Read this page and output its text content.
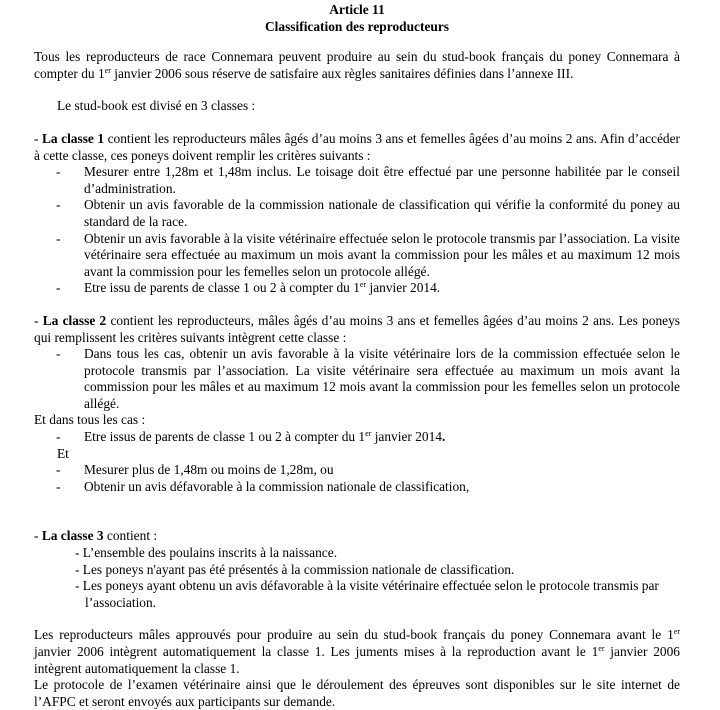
Article 11
Classification des reproducteurs

Tous les reproducteurs de race Connemara peuvent produire au sein du stud-book français du poney Connemara à compter du 1er janvier 2006 sous réserve de satisfaire aux règles sanitaires définies dans l’annexe III.

Le stud-book est divisé en 3 classes :

- La classe 1 contient les reproducteurs mâles âgés d’au moins 3 ans et femelles âgées d’au moins 2 ans. Afin d’accéder à cette classe, ces poneys doivent remplir les critères suivants :

- Mesurer entre 1,28m et 1,48m inclus. Le toisage doit être effectué par une personne habilitée par le conseil d’administration.
- Obtenir un avis favorable de la commission nationale de classification qui vérifie la conformité du poney au standard de la race.
- Obtenir un avis favorable à la visite vétérinaire effectuée selon le protocole transmis par l’association. La visite vétérinaire sera effectuée au maximum un mois avant la commission pour les mâles et au maximum 12 mois avant la commission pour les femelles selon un protocole allégé.
- Etre issu de parents de classe 1 ou 2 à compter du 1er janvier 2014.

- La classe 2 contient les reproducteurs, mâles âgés d’au moins 3 ans et femelles âgées d’au moins 2 ans. Les poneys qui remplissent les critères suivants intègrent cette classe :

- Dans tous les cas, obtenir un avis favorable à la visite vétérinaire lors de la commission effectuée selon le protocole transmis par l’association. La visite vétérinaire sera effectuée au maximum un mois avant la commission pour les mâles et au maximum 12 mois avant la commission pour les femelles selon un protocole allégé.

Et dans tous les cas :

- Etre issus de parents de classe 1 ou 2 à compter du 1er janvier 2014.

Et

- Mesurer plus de 1,48m ou moins de 1,28m, ou
- Obtenir un avis défavorable à la commission nationale de classification,

- La classe 3 contient :

- L’ensemble des poulains inscrits à la naissance.
- Les poneys n'ayant pas été présentés à la commission nationale de classification.
- Les poneys ayant obtenu un avis défavorable à la visite vétérinaire effectuée selon le protocole transmis par l’association.

Les reproducteurs mâles approuvés pour produire au sein du stud-book français du poney Connemara avant le 1er janvier 2006 intègrent automatiquement la classe 1. Les juments mises à la reproduction avant le 1er janvier 2006 intègrent automatiquement la classe 1.

Le protocole de l’examen vétérinaire ainsi que le déroulement des épreuves sont disponibles sur le site internet de l’AFPC et seront envoyés aux participants sur demande.
